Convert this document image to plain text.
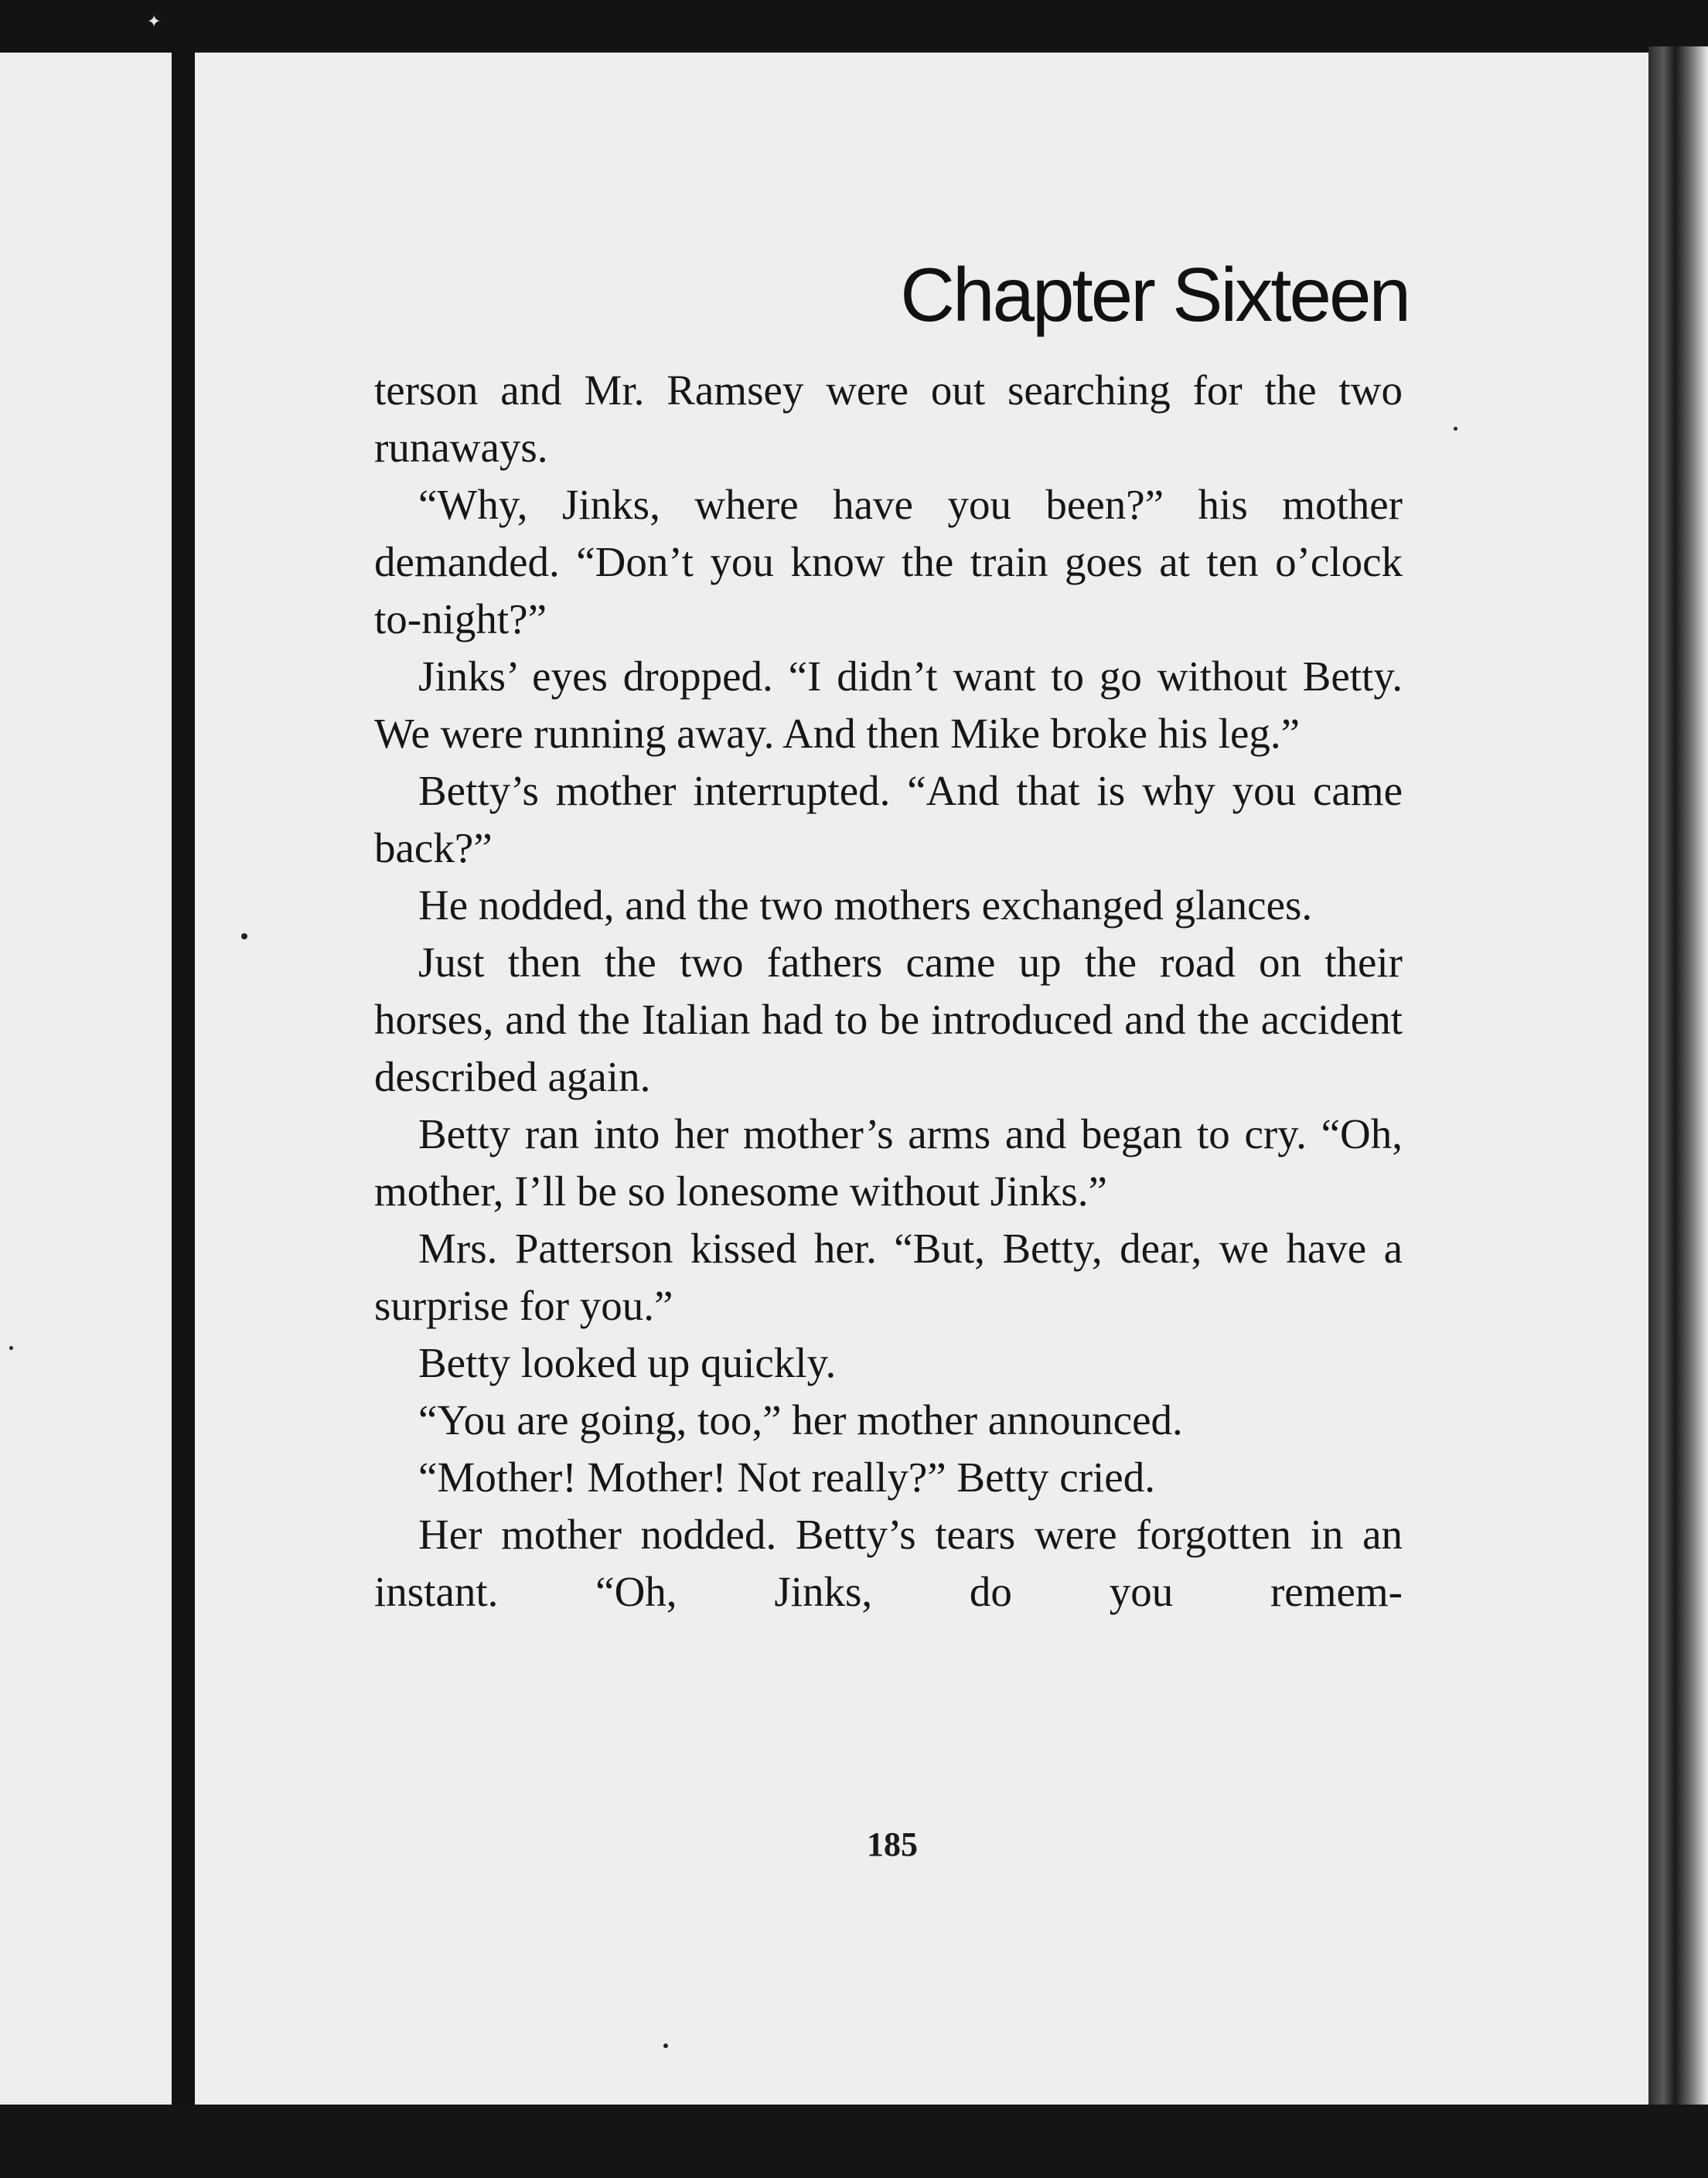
✦
Chapter Sixteen

terson and Mr. Ramsey were out searching for the two runaways.

“Why, Jinks, where have you been?” his mother demanded. “Don’t you know the train goes at ten o’clock to-night?”

Jinks’ eyes dropped. “I didn’t want to go without Betty. We were running away. And then Mike broke his leg.”

Betty’s mother interrupted. “And that is why you came back?”

He nodded, and the two mothers exchanged glances.

Just then the two fathers came up the road on their horses, and the Italian had to be introduced and the accident described again.

Betty ran into her mother’s arms and began to cry. “Oh, mother, I’ll be so lonesome without Jinks.”

Mrs. Patterson kissed her. “But, Betty, dear, we have a surprise for you.”

Betty looked up quickly.

“You are going, too,” her mother announced.

“Mother! Mother! Not really?” Betty cried.

Her mother nodded. Betty’s tears were forgotten in an instant. “Oh, Jinks, do you remem-

185
